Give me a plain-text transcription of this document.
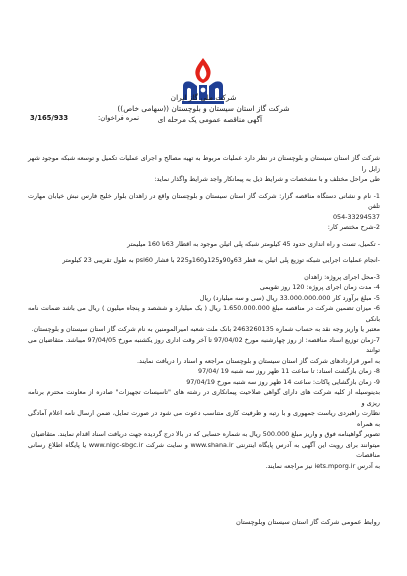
شرکت ملی گاز ایران
شرکت گاز استان سیستان و بلوچستان ((سهامی خاص))
آگهی مناقصه عمومی یک مرحله ای
نمره فراخوان:
3/165/933

شرکت گاز استان سیستان و بلوچستان در نظر دارد عملیات مربوط به تهیه مصالح و اجرای عملیات تکمیل و توسعه شبکه موجود شهر زابل را

طی مراحل مختلف و با مشخصات و شرایط ذیل به پیمانکار واجد شرایط واگذار نماید:

1- نام و نشانی دستگاه مناقصه گزار: شرکت گاز استان سیستان و بلوچستان واقع در زاهدان بلوار خلیج فارس نبش خیابان مهارت تلفن

054-33294537

2-شرح مختصر کار:

- تکمیل، تست و راه اندازی حدود 45 کیلومتر شبکه پلی اتیلن موجود به اقطار 63تا 160 میلیمتر

-انجام عملیات اجرایی شبکه توزیع پلی اتیلن به قطر 63و90و125و160و225 با فشار psi60 به طول تقریبی 23 کیلومتر

3-محل اجرای پروژه: زاهدان

4- مدت زمان اجرای پروژه: 120 روز تقویمی

5- مبلغ برآورد کار 33.000.000.000 ریال (سی و سه میلیارد) ریال

6- میزان تضمین شرکت در مناقصه مبلغ 1.650.000.000 ریال ( یک میلیارد و ششصد و پنجاه میلیون ) ریال می باشد ضمانت نامه بانکی

معتبر یا واریز وجه نقد به حساب شماره 2463260135 بانک ملت شعبه امیرالمومنین به نام شرکت گاز استان سیستان و بلوچستان.

7-زمان توزیع اسناد مناقصه: از روز چهارشنبه مورخ 97/04/02 تا آخر وقت اداری روز یکشنبه مورخ 97/04/05 میباشد. متقاضیان می توانند

به امور قراردادهای شرکت گاز استان سیستان و بلوچستان مراجعه و اسناد را دریافت نمایند.

8- زمان بازگشت اسناد: تا ساعت 11 ظهر روز سه شنبه 19 /97/04

9- زمان بازگشایی پاکات: ساعت 14 ظهر روز سه شنبه مورخ 97/04/19

بدینوسیله از کلیه شرکت های دارای گواهی صلاحیت پیمانکاری در رشته های "تاسیسات تجهیزات" صادره از معاونت محترم برنامه ریزی و

نظارت راهبردی ریاست جمهوری و با رتبه و ظرفیت کاری متناسب دعوت می شود در صورت تمایل، ضمن ارسال نامه اعلام آمادگی به همراه

تصویر گواهینامه فوق و واریز مبلغ 500.000 ریال به شماره حسابی که در بالا درج گردیده جهت دریافت اسناد اقدام نمایند. متقاضیان

میتوانند برای رویت این آگهی به آدرس پایگاه اینترنتی www.shana.ir و سایت شرکت www.nigc-sbgc.ir یا پایگاه اطلاع رسانی مناقصات

به آدرس iets.mporg.ir نیز مراجعه نمایند.

روابط عمومی شرکت گاز استان سیستان وبلوچستان
